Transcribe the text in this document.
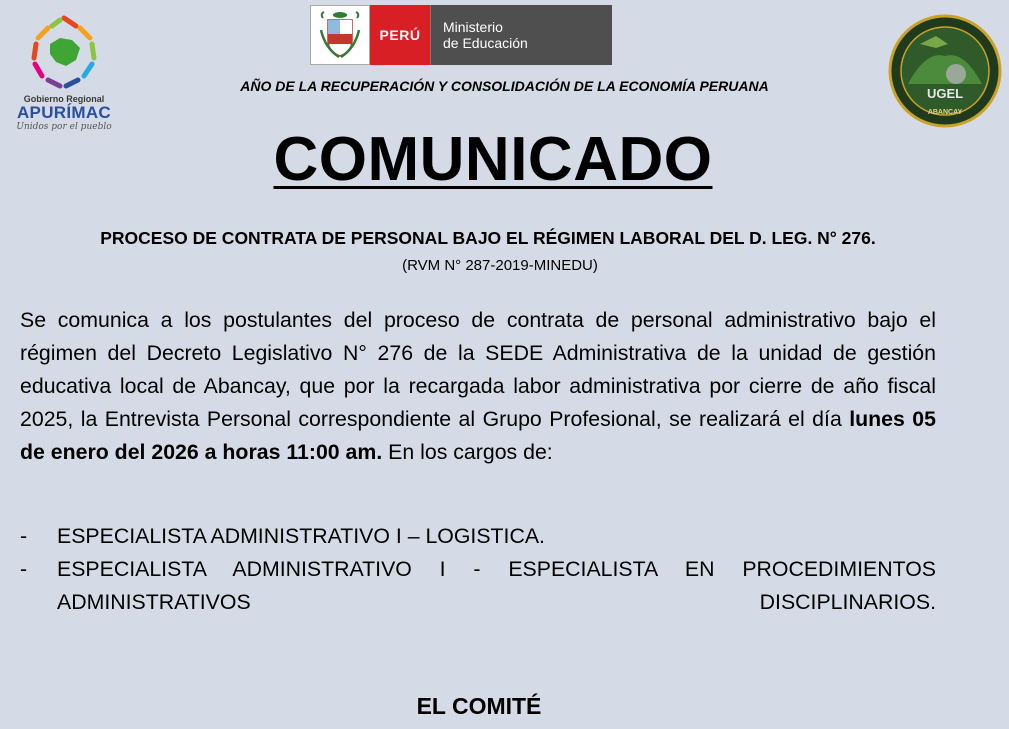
Gobierno Regional
APURÍMAC
Unidos por el pueblo
PERÚ	Ministerio
de Educación
AÑO DE LA RECUPERACIÓN Y CONSOLIDACIÓN DE LA ECONOMÍA PERUANA	UGEL
ABANCAY
COMUNICADO
PROCESO DE CONTRATA DE PERSONAL BAJO EL RÉGIMEN LABORAL DEL D. LEG. N° 276.
(RVM N° 287-2019-MINEDU)
Se comunica a los postulantes del proceso de contrata de personal administrativo bajo el régimen del Decreto Legislativo N° 276 de la SEDE Administrativa de la unidad de gestión educativa local de Abancay, que por la recargada labor administrativa por cierre de año fiscal 2025, la Entrevista Personal correspondiente al Grupo Profesional, se realizará el día lunes 05 de enero del 2026 a horas 11:00 am. En los cargos de:
-	ESPECIALISTA ADMINISTRATIVO I – LOGISTICA.
-	ESPECIALISTA ADMINISTRATIVO I - ESPECIALISTA EN PROCEDIMIENTOS ADMINISTRATIVOS DISCIPLINARIOS.
EL COMITÉ
